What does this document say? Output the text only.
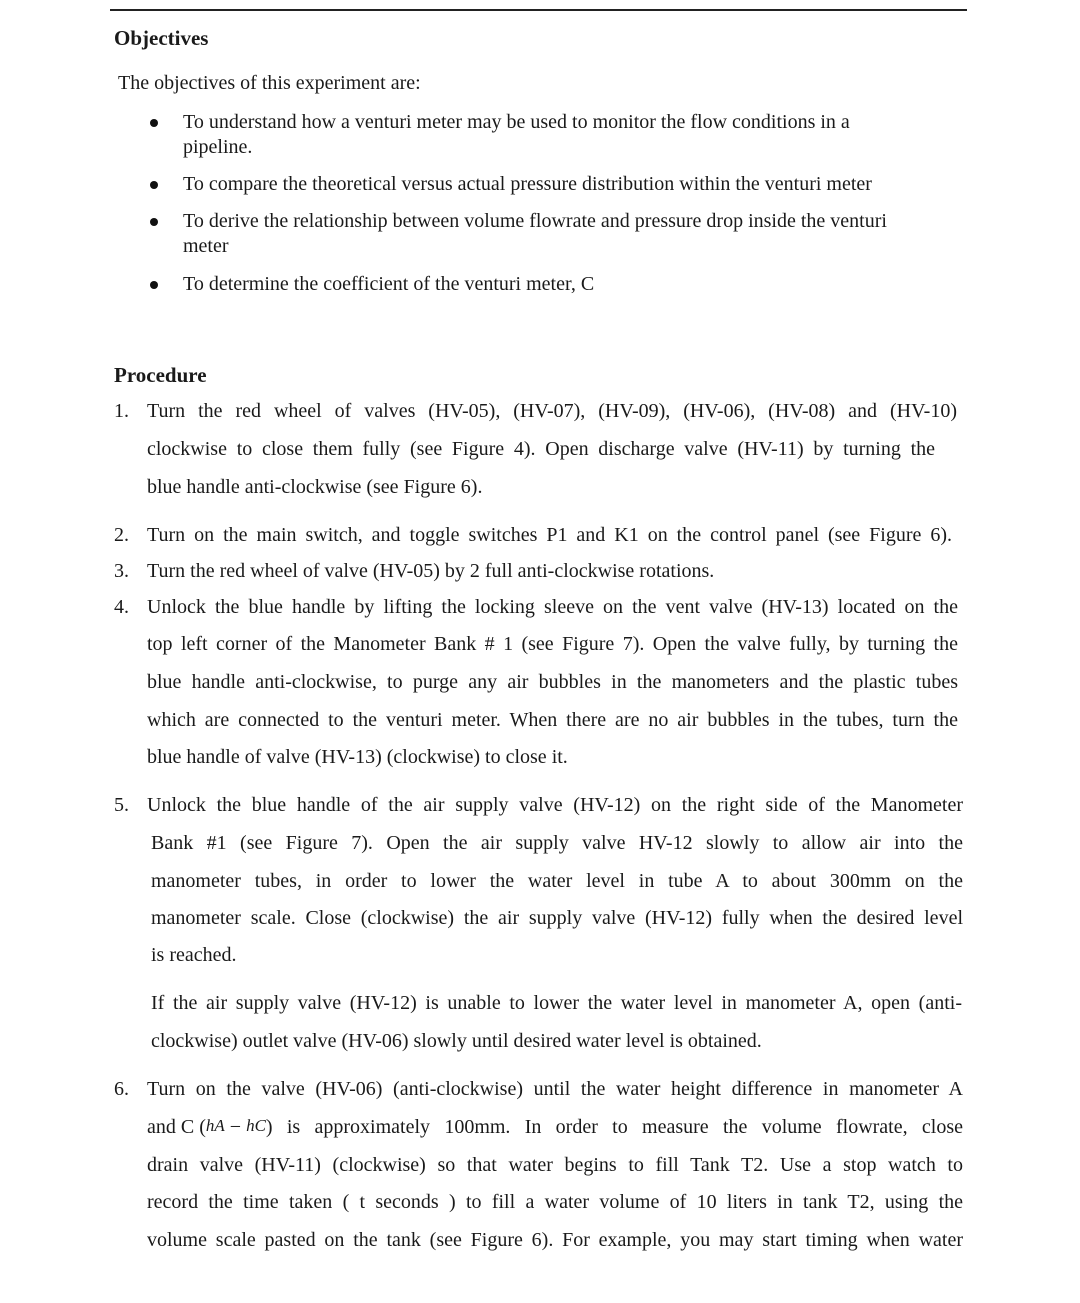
Objectives
The objectives of this experiment are:
To understand how a venturi meter may be used to monitor the flow conditions in a
pipeline.
To compare the theoretical versus actual pressure distribution within the venturi meter
To derive the relationship between volume flowrate and pressure drop inside the venturi
meter
To determine the coefficient of the venturi meter, C
Procedure
1. Turn the red wheel of valves (HV-05), (HV-07), (HV-09), (HV-06), (HV-08) and (HV-10)
clockwise to close them fully (see Figure 4). Open discharge valve (HV-11) by turning the
blue handle anti-clockwise (see Figure 6).
2. Turn on the main switch, and toggle switches P1 and K1 on the control panel (see Figure 6).
3. Turn the red wheel of valve (HV-05) by 2 full anti-clockwise rotations.
4. Unlock the blue handle by lifting the locking sleeve on the vent valve (HV-13) located on the
top left corner of the Manometer Bank # 1 (see Figure 7). Open the valve fully, by turning the
blue handle anti-clockwise, to purge any air bubbles in the manometers and the plastic tubes
which are connected to the venturi meter. When there are no air bubbles in the tubes, turn the
blue handle of valve (HV-13) (clockwise) to close it.
5. Unlock the blue handle of the air supply valve (HV-12) on the right side of the Manometer
Bank #1 (see Figure 7). Open the air supply valve HV-12 slowly to allow air into the
manometer tubes, in order to lower the water level in tube A to about 300mm on the
manometer scale. Close (clockwise) the air supply valve (HV-12) fully when the desired level
is reached.
If the air supply valve (HV-12) is unable to lower the water level in manometer A, open (anti-
clockwise) outlet valve (HV-06) slowly until desired water level is obtained.
6. Turn on the valve (HV-06) (anti-clockwise) until the water height difference in manometer A
and C ( hA − hC ) is approximately 100mm. In order to measure the volume flowrate, close
drain valve (HV-11) (clockwise) so that water begins to fill Tank T2. Use a stop watch to
record the time taken ( t seconds ) to fill a water volume of 10 liters in tank T2, using the
volume scale pasted on the tank (see Figure 6). For example, you may start timing when water
